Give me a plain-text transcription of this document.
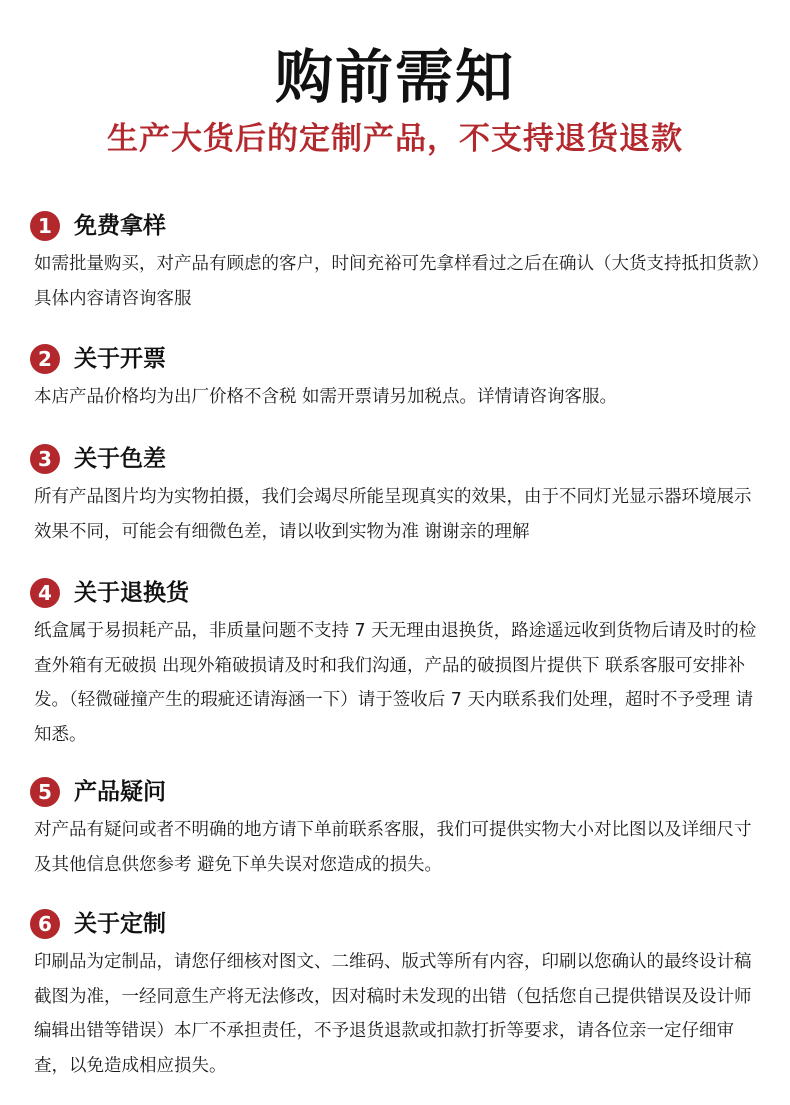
购前需知
生产大货后的定制产品，不支持退货退款
1 免费拿样
如需批量购买，对产品有顾虑的客户，时间充裕可先拿样看过之后在确认（大货支持抵扣货款）具体内容请咨询客服
2 关于开票
本店产品价格均为出厂价格不含税 如需开票请另加税点。详情请咨询客服。
3 关于色差
所有产品图片均为实物拍摄，我们会竭尽所能呈现真实的效果，由于不同灯光显示器环境展示效果不同，可能会有细微色差，请以收到实物为准 谢谢亲的理解
4 关于退换货
纸盒属于易损耗产品，非质量问题不支持 7 天无理由退换货，路途遥远收到货物后请及时的检查外箱有无破损 出现外箱破损请及时和我们沟通，产品的破损图片提供下 联系客服可安排补发。（轻微碰撞产生的瑕疵还请海涵一下）请于签收后 7 天内联系我们处理，超时不予受理 请知悉。
5 产品疑问
对产品有疑问或者不明确的地方请下单前联系客服，我们可提供实物大小对比图以及详细尺寸及其他信息供您参考 避免下单失误对您造成的损失。
6 关于定制
印刷品为定制品，请您仔细核对图文、二维码、版式等所有内容，印刷以您确认的最终设计稿截图为准，一经同意生产将无法修改，因对稿时未发现的出错（包括您自己提供错误及设计师编辑出错等错误）本厂不承担责任，不予退货退款或扣款打折等要求，请各位亲一定仔细审查，以免造成相应损失。
